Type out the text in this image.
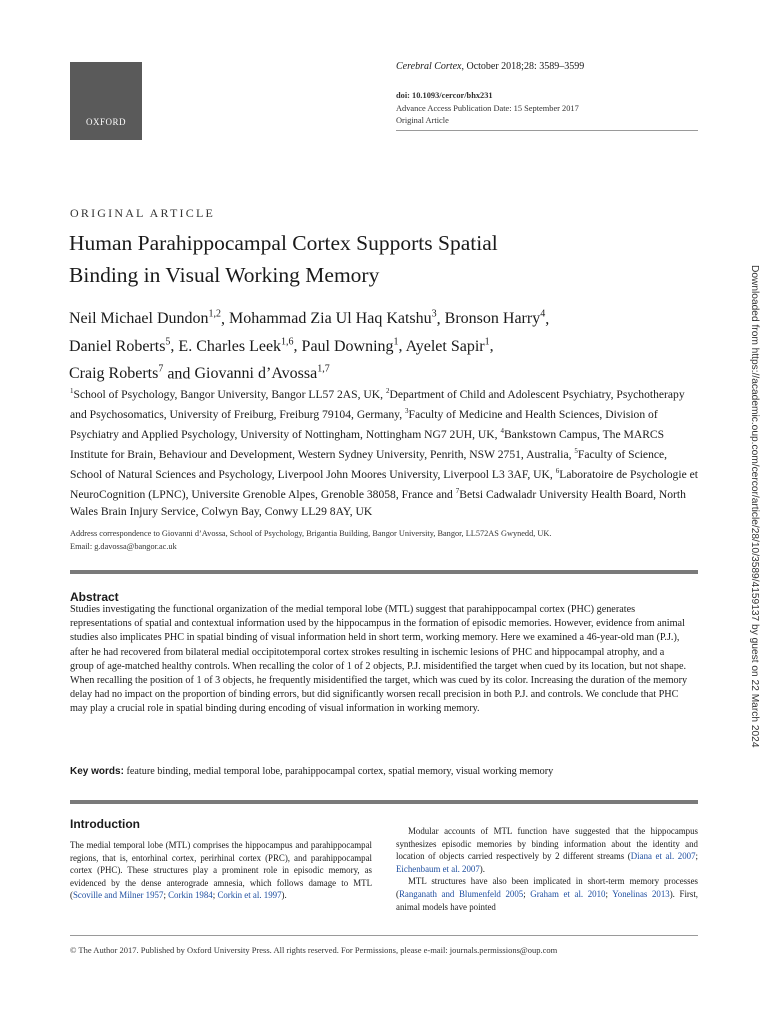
OXFORD
Cerebral Cortex, October 2018;28: 3589–3599
doi: 10.1093/cercor/bhx231
Advance Access Publication Date: 15 September 2017
Original Article
ORIGINAL ARTICLE
Human Parahippocampal Cortex Supports Spatial
Binding in Visual Working Memory
Neil Michael Dundon$^{1,2}$, Mohammad Zia Ul Haq Katshu$^3$, Bronson Harry$^4$,
Daniel Roberts$^5$, E. Charles Leek$^{1,6}$, Paul Downing$^1$, Ayelet Sapir$^1$,
Craig Roberts$^7$ and Giovanni d’Avossa$^{1,7}$
$^1$School of Psychology, Bangor University, Bangor LL57 2AS, UK, $^2$Department of Child and Adolescent Psychiatry, Psychotherapy and Psychosomatics, University of Freiburg, Freiburg 79104, Germany, $^3$Faculty of Medicine and Health Sciences, Division of Psychiatry and Applied Psychology, University of Nottingham, Nottingham NG7 2UH, UK, $^4$Bankstown Campus, The MARCS Institute for Brain, Behaviour and Development, Western Sydney University, Penrith, NSW 2751, Australia, $^5$Faculty of Science, School of Natural Sciences and Psychology, Liverpool John Moores University, Liverpool L3 3AF, UK, $^6$Laboratoire de Psychologie et NeuroCognition (LPNC), Universite Grenoble Alpes, Grenoble 38058, France and $^7$Betsi Cadwaladr University Health Board, North Wales Brain Injury Service, Colwyn Bay, Conwy LL29 8AY, UK
Address correspondence to Giovanni d’Avossa, School of Psychology, Brigantia Building, Bangor University, Bangor, LL572AS Gwynedd, UK.
Email: g.davossa@bangor.ac.uk
Abstract
Studies investigating the functional organization of the medial temporal lobe (MTL) suggest that parahippocampal cortex (PHC) generates representations of spatial and contextual information used by the hippocampus in the formation of episodic memories. However, evidence from animal studies also implicates PHC in spatial binding of visual information held in short term, working memory. Here we examined a 46-year-old man (P.J.), after he had recovered from bilateral medial occipitotemporal cortex strokes resulting in ischemic lesions of PHC and hippocampal atrophy, and a group of age-matched healthy controls. When recalling the color of 1 of 2 objects, P.J. misidentified the target when cued by its location, but not shape. When recalling the position of 1 of 3 objects, he frequently misidentified the target, which was cued by its color. Increasing the duration of the memory delay had no impact on the proportion of binding errors, but did significantly worsen recall precision in both P.J. and controls. We conclude that PHC may play a crucial role in spatial binding during encoding of visual information in working memory.
Key words: feature binding, medial temporal lobe, parahippocampal cortex, spatial memory, visual working memory
Introduction

The medial temporal lobe (MTL) comprises the hippocampus and parahippocampal regions, that is, entorhinal cortex, perirhinal cortex (PRC), and parahippocampal cortex (PHC). These structures play a prominent role in episodic memory, as evidenced by the dense anterograde amnesia, which follows damage to MTL (Scoville and Milner 1957; Corkin 1984; Corkin et al. 1997).

Modular accounts of MTL function have suggested that the hippocampus synthesizes episodic memories by binding information about the identity and location of objects carried respectively by 2 different streams (Diana et al. 2007; Eichenbaum et al. 2007).

MTL structures have also been implicated in short-term memory processes (Ranganath and Blumenfeld 2005; Graham et al. 2010; Yonelinas 2013). First, animal models have pointed

© The Author 2017. Published by Oxford University Press. All rights reserved. For Permissions, please e-mail: journals.permissions@oup.com
Downloaded from https://academic.oup.com/cercor/article/28/10/3589/4159137 by guest on 22 March 2024
